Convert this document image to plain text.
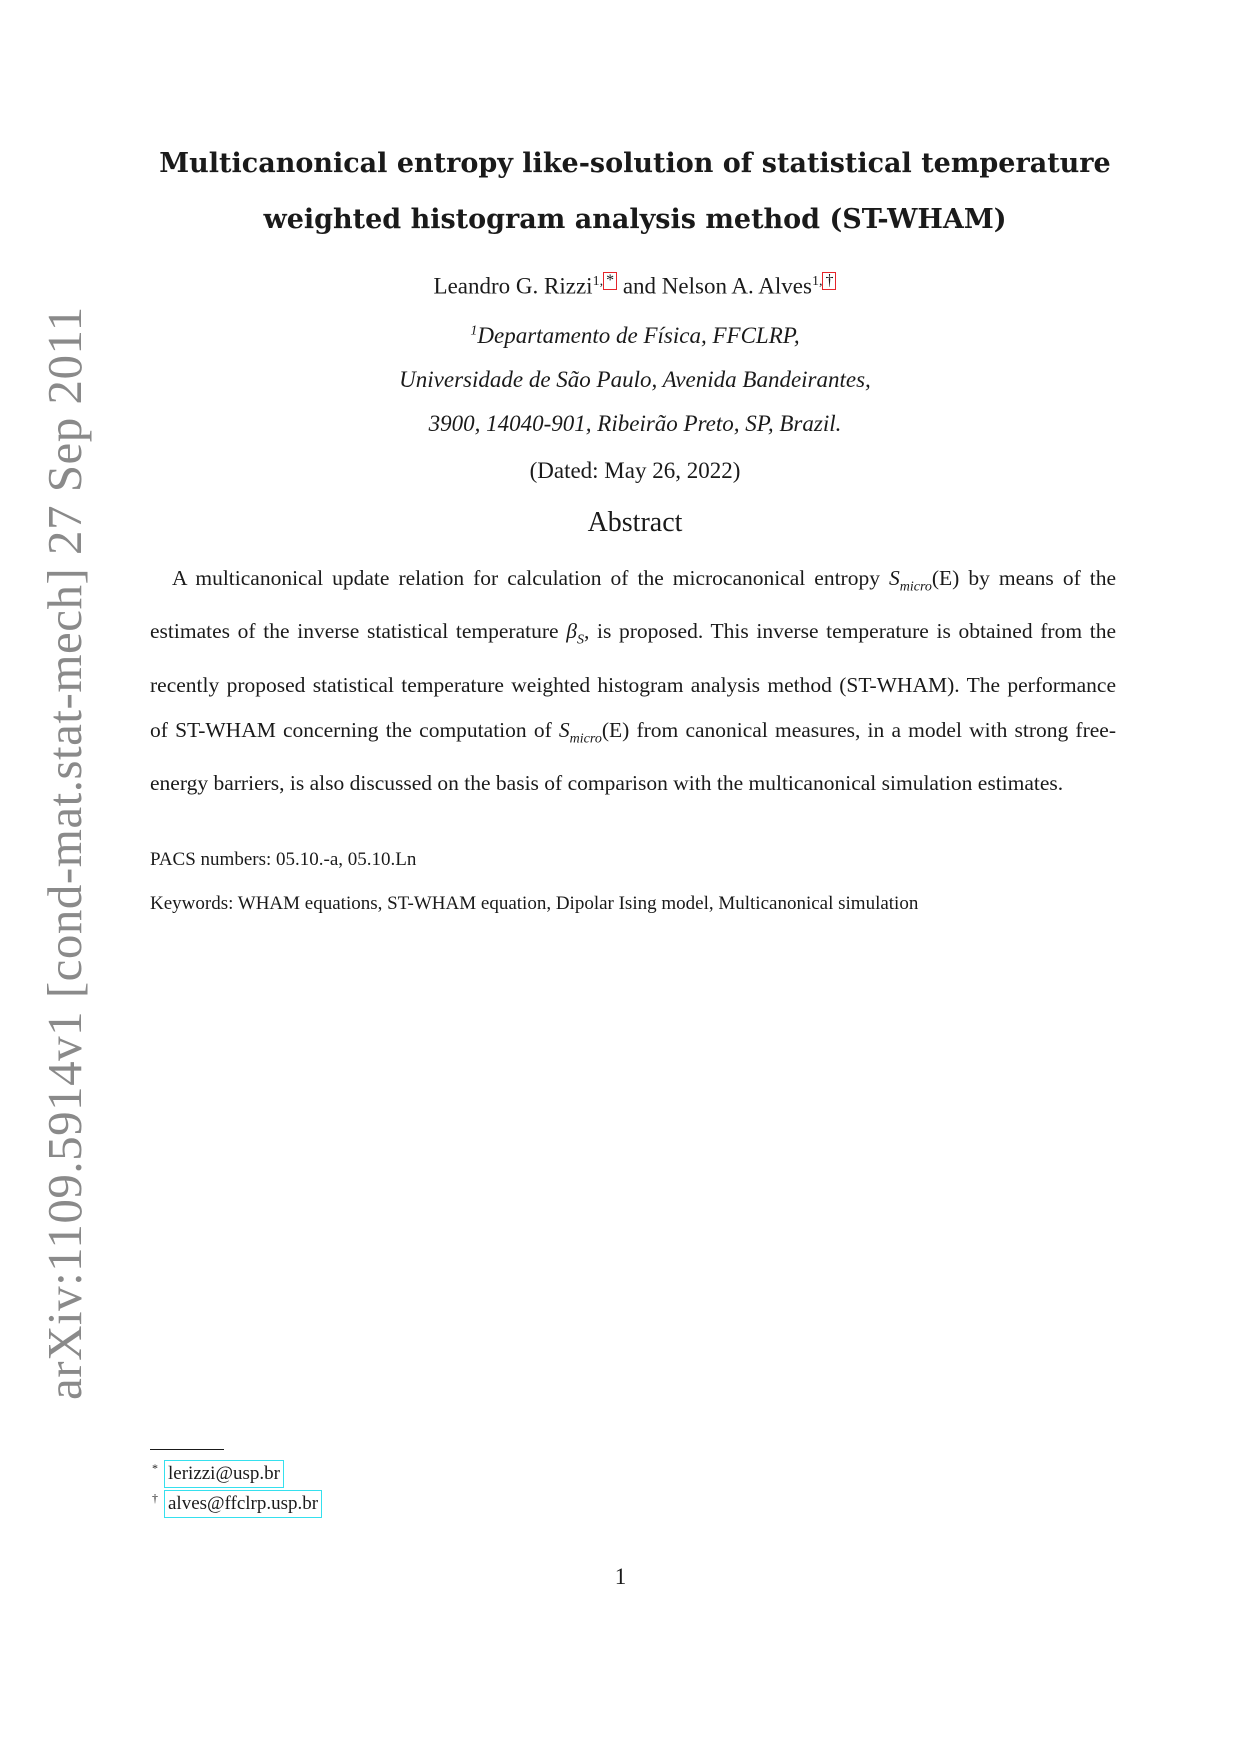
arXiv:1109.5914v1 [cond-mat.stat-mech] 27 Sep 2011
Multicanonical entropy like-solution of statistical temperature
weighted histogram analysis method (ST-WHAM)
Leandro G. Rizzi$^{1,}$ * and Nelson A. Alves$^{1,}$ †
$^1$Departamento de Física, FFCLRP,
Universidade de São Paulo, Avenida Bandeirantes,
3900, 14040-901, Ribeirão Preto, SP, Brazil.
(Dated: May 26, 2022)
Abstract
A multicanonical update relation for calculation of the microcanonical entropy $S_{micro}(E)$ by means of the estimates of the inverse statistical temperature $\beta_S$, is proposed. This inverse temperature is obtained from the recently proposed statistical temperature weighted histogram analysis method (ST-WHAM). The performance of ST-WHAM concerning the computation of $S_{micro}(E)$ from canonical measures, in a model with strong free-energy barriers, is also discussed on the basis of comparison with the multicanonical simulation estimates.
PACS numbers: 05.10.-a, 05.10.Ln
Keywords: WHAM equations, ST-WHAM equation, Dipolar Ising model, Multicanonical simulation
* lerizzi@usp.br
† alves@ffclrp.usp.br
1
